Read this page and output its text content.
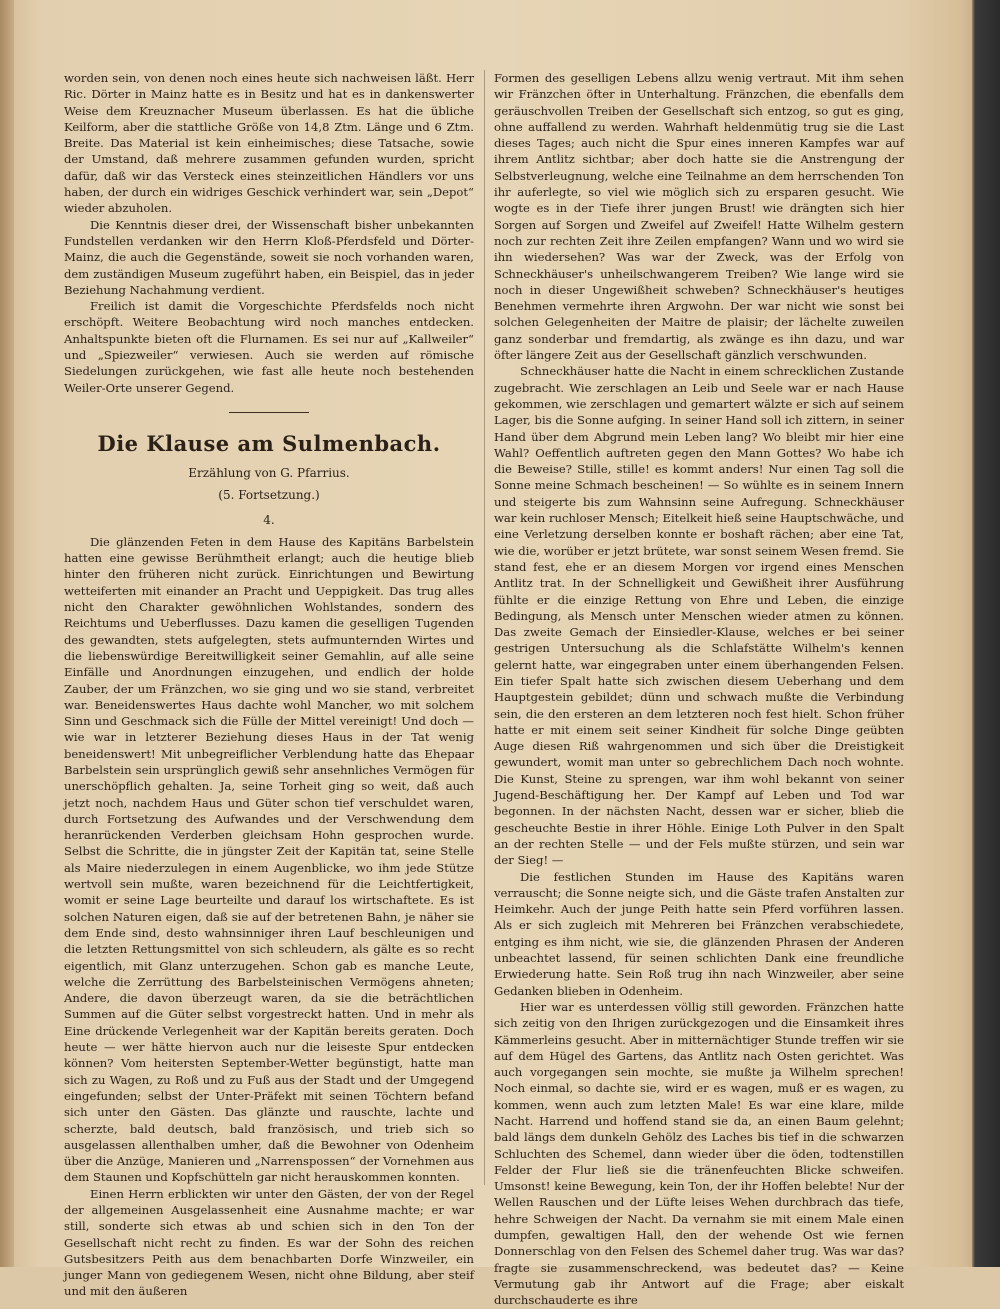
worden sein, von denen noch eines heute sich nachweisen läßt. Herr Ric. Dörter in Mainz hatte es in Besitz und hat es in dankenswerter Weise dem Kreuznacher Museum überlassen. Es hat die übliche Keilform, aber die stattliche Größe von 14,8 Ztm. Länge und 6 Ztm. Breite. Das Material ist kein einheimisches; diese Tatsache, sowie der Umstand, daß mehrere zusammen gefunden wurden, spricht dafür, daß wir das Versteck eines steinzeitlichen Händlers vor uns haben, der durch ein widriges Geschick verhindert war, sein „Depot“ wieder abzuholen.

Die Kenntnis dieser drei, der Wissenschaft bisher unbekannten Fundstellen verdanken wir den Herrn Kloß-Pferdsfeld und Dörter-Mainz, die auch die Gegenstände, soweit sie noch vorhanden waren, dem zuständigen Museum zugeführt haben, ein Beispiel, das in jeder Beziehung Nachahmung verdient.

Freilich ist damit die Vorgeschichte Pferdsfelds noch nicht erschöpft. Weitere Beobachtung wird noch manches entdecken. Anhaltspunkte bieten oft die Flurnamen. Es sei nur auf „Kallweiler“ und „Spiezweiler“ verwiesen. Auch sie werden auf römische Siedelungen zurückgehen, wie fast alle heute noch bestehenden Weiler-Orte unserer Gegend.

Die Klause am Sulmenbach.
Erzählung von G. Pfarrius.
(5. Fortsetzung.)
4.

Die glänzenden Feten in dem Hause des Kapitäns Barbelstein hatten eine gewisse Berühmtheit erlangt; auch die heutige blieb hinter den früheren nicht zurück. Einrichtungen und Bewirtung wetteiferten mit einander an Pracht und Ueppigkeit. Das trug alles nicht den Charakter gewöhnlichen Wohlstandes, sondern des Reichtums und Ueberflusses. Dazu kamen die geselligen Tugenden des gewandten, stets aufgelegten, stets aufmunternden Wirtes und die liebenswürdige Bereitwilligkeit seiner Gemahlin, auf alle seine Einfälle und Anordnungen einzugehen, und endlich der holde Zauber, der um Fränzchen, wo sie ging und wo sie stand, verbreitet war. Beneidenswertes Haus dachte wohl Mancher, wo mit solchem Sinn und Geschmack sich die Fülle der Mittel vereinigt! Und doch — wie war in letzterer Beziehung dieses Haus in der Tat wenig beneidenswert! Mit unbegreiflicher Verblendung hatte das Ehepaar Barbelstein sein ursprünglich gewiß sehr ansehnliches Vermögen für unerschöpflich gehalten. Ja, seine Torheit ging so weit, daß auch jetzt noch, nachdem Haus und Güter schon tief verschuldet waren, durch Fortsetzung des Aufwandes und der Verschwendung dem heranrückenden Verderben gleichsam Hohn gesprochen wurde. Selbst die Schritte, die in jüngster Zeit der Kapitän tat, seine Stelle als Maire niederzulegen in einem Augenblicke, wo ihm jede Stütze wertvoll sein mußte, waren bezeichnend für die Leichtfertigkeit, womit er seine Lage beurteilte und darauf los wirtschaftete. Es ist solchen Naturen eigen, daß sie auf der betretenen Bahn, je näher sie dem Ende sind, desto wahnsinniger ihren Lauf beschleunigen und die letzten Rettungsmittel von sich schleudern, als gälte es so recht eigentlich, mit Glanz unterzugehen. Schon gab es manche Leute, welche die Zerrüttung des Barbelsteinischen Vermögens ahneten; Andere, die davon überzeugt waren, da sie die beträchtlichen Summen auf die Güter selbst vorgestreckt hatten. Und in mehr als Eine drückende Verlegenheit war der Kapitän bereits geraten. Doch heute — wer hätte hiervon auch nur die leiseste Spur entdecken können? Vom heitersten September-Wetter begünstigt, hatte man sich zu Wagen, zu Roß und zu Fuß aus der Stadt und der Umgegend eingefunden; selbst der Unter-Präfekt mit seinen Töchtern befand sich unter den Gästen. Das glänzte und rauschte, lachte und scherzte, bald deutsch, bald französisch, und trieb sich so ausgelassen allenthalben umher, daß die Bewohner von Odenheim über die Anzüge, Manieren und „Narrenspossen“ der Vornehmen aus dem Staunen und Kopfschütteln gar nicht herauskommen konnten.

Einen Herrn erblickten wir unter den Gästen, der von der Regel der allgemeinen Ausgelassenheit eine Ausnahme machte; er war still, sonderte sich etwas ab und schien sich in den Ton der Gesellschaft nicht recht zu finden. Es war der Sohn des reichen Gutsbesitzers Peith aus dem benachbarten Dorfe Winzweiler, ein junger Mann von gediegenem Wesen, nicht ohne Bildung, aber steif und mit den äußeren

Formen des geselligen Lebens allzu wenig vertraut. Mit ihm sehen wir Fränzchen öfter in Unterhaltung. Fränzchen, die ebenfalls dem geräuschvollen Treiben der Gesellschaft sich entzog, so gut es ging, ohne auffallend zu werden. Wahrhaft heldenmütig trug sie die Last dieses Tages; auch nicht die Spur eines inneren Kampfes war auf ihrem Antlitz sichtbar; aber doch hatte sie die Anstrengung der Selbstverleugnung, welche eine Teilnahme an dem herrschenden Ton ihr auferlegte, so viel wie möglich sich zu ersparen gesucht. Wie wogte es in der Tiefe ihrer jungen Brust! wie drängten sich hier Sorgen auf Sorgen und Zweifel auf Zweifel! Hatte Wilhelm gestern noch zur rechten Zeit ihre Zeilen empfangen? Wann und wo wird sie ihn wiedersehen? Was war der Zweck, was der Erfolg von Schneckhäuser's unheilschwangerem Treiben? Wie lange wird sie noch in dieser Ungewißheit schweben? Schneckhäuser's heutiges Benehmen vermehrte ihren Argwohn. Der war nicht wie sonst bei solchen Gelegenheiten der Maitre de plaisir; der lächelte zuweilen ganz sonderbar und fremdartig, als zwänge es ihn dazu, und war öfter längere Zeit aus der Gesellschaft gänzlich verschwunden.

Schneckhäuser hatte die Nacht in einem schrecklichen Zustande zugebracht. Wie zerschlagen an Leib und Seele war er nach Hause gekommen, wie zerschlagen und gemartert wälzte er sich auf seinem Lager, bis die Sonne aufging. In seiner Hand soll ich zittern, in seiner Hand über dem Abgrund mein Leben lang? Wo bleibt mir hier eine Wahl? Oeffentlich auftreten gegen den Mann Gottes? Wo habe ich die Beweise? Stille, stille! es kommt anders! Nur einen Tag soll die Sonne meine Schmach bescheinen! — So wühlte es in seinem Innern und steigerte bis zum Wahnsinn seine Aufregung. Schneckhäuser war kein ruchloser Mensch; Eitelkeit hieß seine Hauptschwäche, und eine Verletzung derselben konnte er boshaft rächen; aber eine Tat, wie die, worüber er jetzt brütete, war sonst seinem Wesen fremd. Sie stand fest, ehe er an diesem Morgen vor irgend eines Menschen Antlitz trat. In der Schnelligkeit und Gewißheit ihrer Ausführung fühlte er die einzige Rettung von Ehre und Leben, die einzige Bedingung, als Mensch unter Menschen wieder atmen zu können. Das zweite Gemach der Einsiedler-Klause, welches er bei seiner gestrigen Untersuchung als die Schlafstätte Wilhelm's kennen gelernt hatte, war eingegraben unter einem überhangenden Felsen. Ein tiefer Spalt hatte sich zwischen diesem Ueberhang und dem Hauptgestein gebildet; dünn und schwach mußte die Verbindung sein, die den ersteren an dem letzteren noch fest hielt. Schon früher hatte er mit einem seit seiner Kindheit für solche Dinge geübten Auge diesen Riß wahrgenommen und sich über die Dreistigkeit gewundert, womit man unter so gebrechlichem Dach noch wohnte. Die Kunst, Steine zu sprengen, war ihm wohl bekannt von seiner Jugend-Beschäftigung her. Der Kampf auf Leben und Tod war begonnen. In der nächsten Nacht, dessen war er sicher, blieb die gescheuchte Bestie in ihrer Höhle. Einige Loth Pulver in den Spalt an der rechten Stelle — und der Fels mußte stürzen, und sein war der Sieg! —

Die festlichen Stunden im Hause des Kapitäns waren verrauscht; die Sonne neigte sich, und die Gäste trafen Anstalten zur Heimkehr. Auch der junge Peith hatte sein Pferd vorführen lassen. Als er sich zugleich mit Mehreren bei Fränzchen verabschiedete, entging es ihm nicht, wie sie, die glänzenden Phrasen der Anderen unbeachtet lassend, für seinen schlichten Dank eine freundliche Erwiederung hatte. Sein Roß trug ihn nach Winzweiler, aber seine Gedanken blieben in Odenheim.

Hier war es unterdessen völlig still geworden. Fränzchen hatte sich zeitig von den Ihrigen zurückgezogen und die Einsamkeit ihres Kämmerleins gesucht. Aber in mitternächtiger Stunde treffen wir sie auf dem Hügel des Gartens, das Antlitz nach Osten gerichtet. Was auch vorgegangen sein mochte, sie mußte ja Wilhelm sprechen! Noch einmal, so dachte sie, wird er es wagen, muß er es wagen, zu kommen, wenn auch zum letzten Male! Es war eine klare, milde Nacht. Harrend und hoffend stand sie da, an einen Baum gelehnt; bald längs dem dunkeln Gehölz des Laches bis tief in die schwarzen Schluchten des Schemel, dann wieder über die öden, todtenstillen Felder der Flur ließ sie die tränenfeuchten Blicke schweifen. Umsonst! keine Bewegung, kein Ton, der ihr Hoffen belebte! Nur der Wellen Rauschen und der Lüfte leises Wehen durchbrach das tiefe, hehre Schweigen der Nacht. Da vernahm sie mit einem Male einen dumpfen, gewaltigen Hall, den der wehende Ost wie fernen Donnerschlag von den Felsen des Schemel daher trug. Was war das? fragte sie zusammenschreckend, was bedeutet das? — Keine Vermutung gab ihr Antwort auf die Frage; aber eiskalt durchschauderte es ihre
